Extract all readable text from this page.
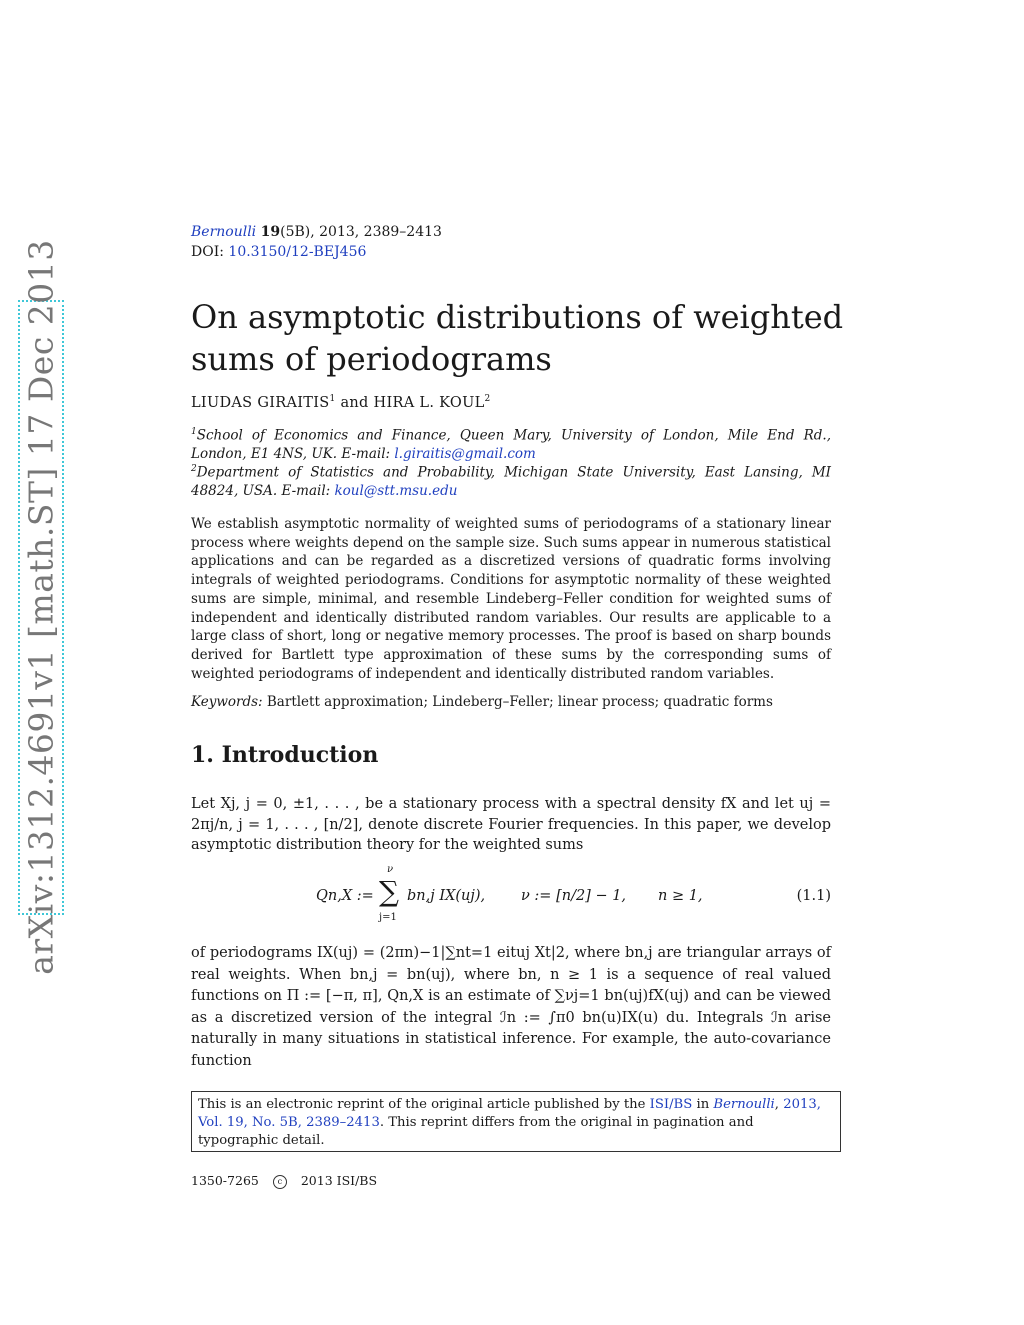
arXiv:1312.4691v1 [math.ST] 17 Dec 2013
Bernoulli 19(5B), 2013, 2389–2413
DOI: 10.3150/12-BEJ456
On asymptotic distributions of weighted sums of periodograms
LIUDAS GIRAITIS$^1$ and HIRA L. KOUL$^2$
$^1$School of Economics and Finance, Queen Mary, University of London, Mile End Rd., London, E1 4NS, UK. E-mail: l.giraitis@gmail.com
$^2$Department of Statistics and Probability, Michigan State University, East Lansing, MI 48824, USA. E-mail: koul@stt.msu.edu
We establish asymptotic normality of weighted sums of periodograms of a stationary linear process where weights depend on the sample size. Such sums appear in numerous statistical applications and can be regarded as a discretized versions of quadratic forms involving integrals of weighted periodograms. Conditions for asymptotic normality of these weighted sums are simple, minimal, and resemble Lindeberg–Feller condition for weighted sums of independent and identically distributed random variables. Our results are applicable to a large class of short, long or negative memory processes. The proof is based on sharp bounds derived for Bartlett type approximation of these sums by the corresponding sums of weighted periodograms of independent and identically distributed random variables.
Keywords: Bartlett approximation; Lindeberg–Feller; linear process; quadratic forms
1. Introduction
Let Xj, j = 0, ±1, . . . , be a stationary process with a spectral density fX and let uj = 2πj/n, j = 1, . . . , [n/2], denote discrete Fourier frequencies. In this paper, we develop asymptotic distribution theory for the weighted sums
Qn,X :=
ν
∑
j=1
bn,j IX(uj), ν := [n/2] − 1, n ≥ 1,	(1.1)
of periodograms IX(uj) = (2πn)−1|∑nt=1 eituj Xt|2, where bn,j are triangular arrays of real weights. When bn,j = bn(uj), where bn, n ≥ 1 is a sequence of real valued functions on Π := [−π, π], Qn,X is an estimate of ∑νj=1 bn(uj)fX(uj) and can be viewed as a discretized version of the integral ℐn := ∫π0 bn(u)IX(u) du. Integrals ℐn arise naturally in many situations in statistical inference. For example, the auto-covariance function
This is an electronic reprint of the original article published by the ISI/BS in Bernoulli, 2013, Vol. 19, No. 5B, 2389–2413. This reprint differs from the original in pagination and typographic detail.
1350-7265 c 2013 ISI/BS
